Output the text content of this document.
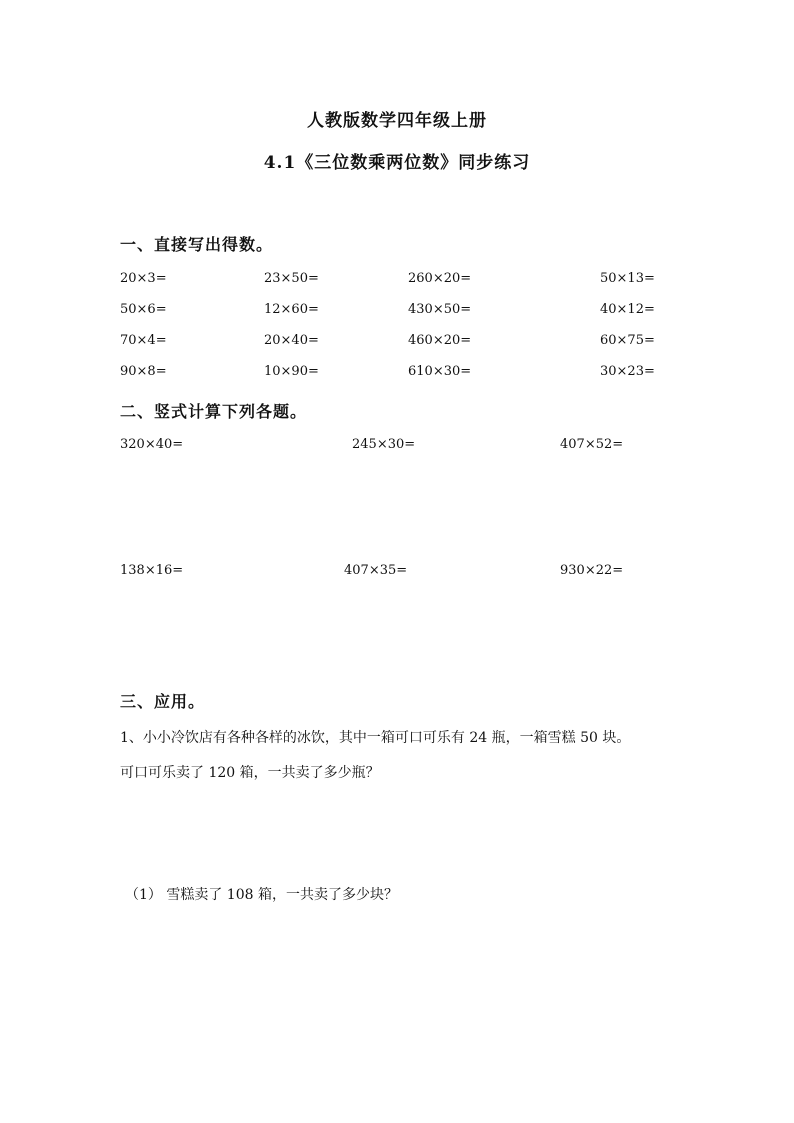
人教版数学四年级上册
4.1《三位数乘两位数》同步练习
一、直接写出得数。
20×3=	23×50=	260×20=	50×13=
50×6=	12×60=	430×50=	40×12=
70×4=	20×40=	460×20=	60×75=
90×8=	10×90=	610×30=	30×23=
二、竖式计算下列各题。
320×40=	245×30=	407×52=
138×16=	407×35=	930×22=
三、应用。
1、小小冷饮店有各种各样的冰饮，其中一箱可口可乐有 24 瓶，一箱雪糕 50 块。
可口可乐卖了 120 箱，一共卖了多少瓶？
（1） 雪糕卖了 108 箱，一共卖了多少块？
